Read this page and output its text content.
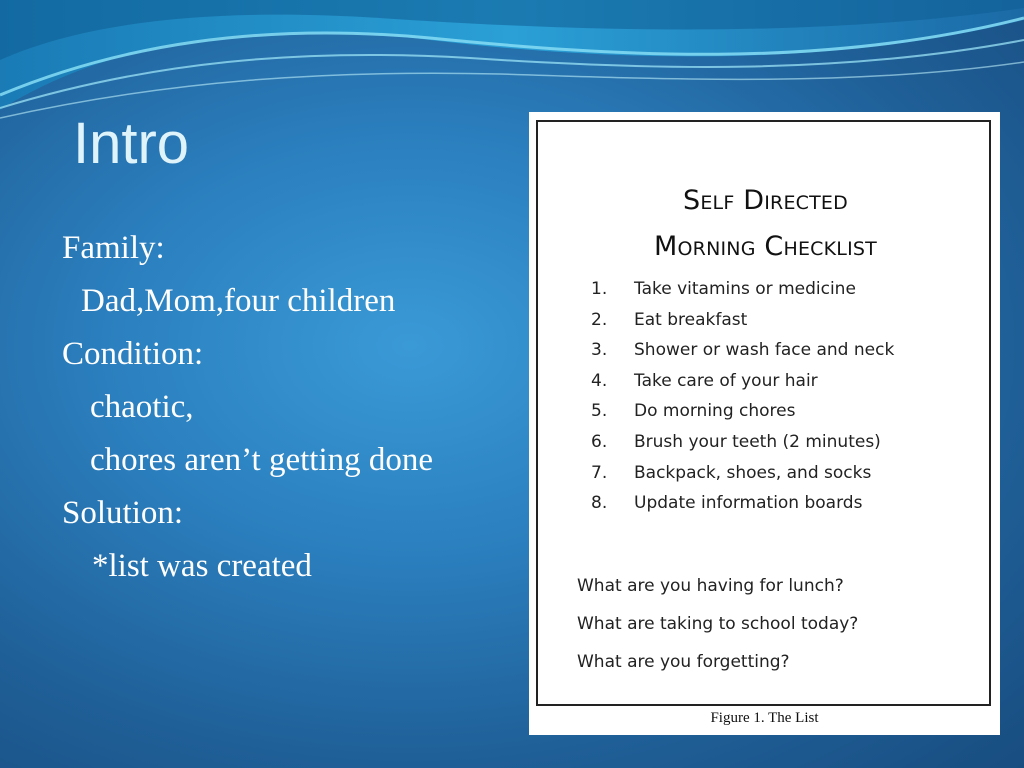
Intro
Family:
Dad,Mom,four children
Condition:
chaotic,
chores aren’t getting done
Solution:
*list was created
Self Directed
Morning Checklist
1.	Take vitamins or medicine
2.	Eat breakfast
3.	Shower or wash face and neck
4.	Take care of your hair
5.	Do morning chores
6.	Brush your teeth (2 minutes)
7.	Backpack, shoes, and socks
8.	Update information boards
What are you having for lunch?
What are taking to school today?
What are you forgetting?
Figure 1. The List
